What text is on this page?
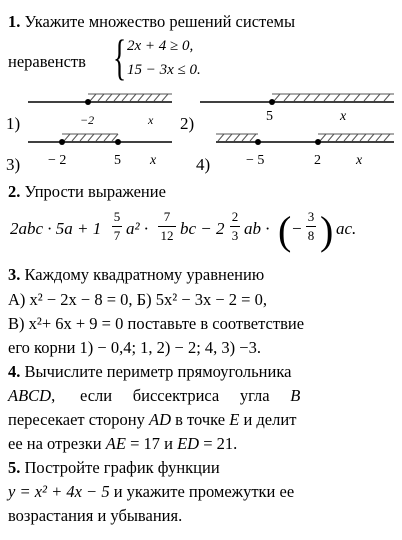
1. Укажите множество решений системы
неравенств { 2x + 4 ≥ 0,
15 − 3x ≤ 0.
1)	−2	x 2)	5	x
3) − 2	5 x 4)	− 5	2	x
2. Упрости выражение
2abc · 5a + 1
5
7 a² ·
7
12 bc − 2
2
3 ab · ( −
3
8 ) ac.
3. Каждому квадратному уравнению
А) x² − 2x − 8 = 0, Б) 5x² − 3x − 2 = 0,
В) x²+ 6x + 9 = 0 поставьте в соответствие
его корни 1) − 0,4; 1, 2) − 2; 4, 3) −3.
4. Вычислите периметр прямоугольника
ABCD,      если     биссектриса     угла B
пересекает сторону AD в точке E и делит
ее на отрезки AE = 17 и ED = 21.
5. Постройте график функции
y = x² + 4x − 5 и укажите промежутки ее
возрастания и убывания.
